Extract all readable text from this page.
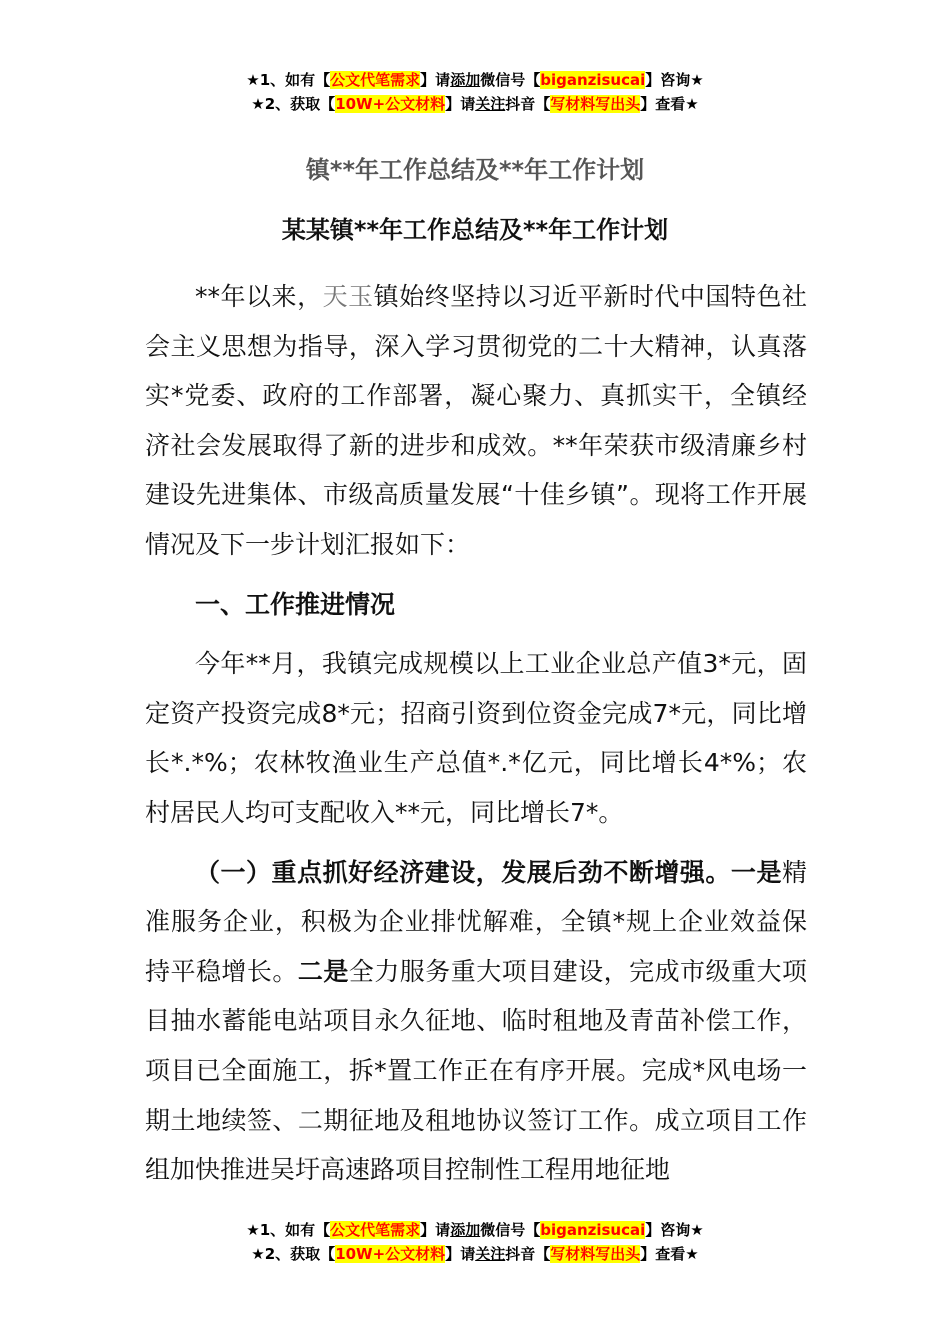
★1、如有【公文代笔需求】请添加微信号【biganzisucai】咨询★
★2、获取【10W+公文材料】请关注抖音【写材料写出头】查看★
镇**年工作总结及**年工作计划
某某镇**年工作总结及**年工作计划

**年以来，天玉镇始终坚持以习近平新时代中国特色社会主义思想为指导，深入学习贯彻党的二十大精神，认真落实*党委、政府的工作部署，凝心聚力、真抓实干，全镇经济社会发展取得了新的进步和成效。**年荣获市级清廉乡村建设先进集体、市级高质量发展“十佳乡镇”。现将工作开展情况及下一步计划汇报如下：

一、工作推进情况

今年**月，我镇完成规模以上工业企业总产值3*元，固定资产投资完成8*元；招商引资到位资金完成7*元，同比增长*.*%；农林牧渔业生产总值*.*亿元，同比增长4*%；农村居民人均可支配收入**元，同比增长7*。

（一）重点抓好经济建设，发展后劲不断增强。一是精准服务企业，积极为企业排忧解难，全镇*规上企业效益保持平稳增长。二是全力服务重大项目建设，完成市级重大项目抽水蓄能电站项目永久征地、临时租地及青苗补偿工作，项目已全面施工，拆*置工作正在有序开展。完成*风电场一期土地续签、二期征地及租地协议签订工作。成立项目工作组加快推进吴圩高速路项目控制性工程用地征地

★1、如有【公文代笔需求】请添加微信号【biganzisucai】咨询★
★2、获取【10W+公文材料】请关注抖音【写材料写出头】查看★
